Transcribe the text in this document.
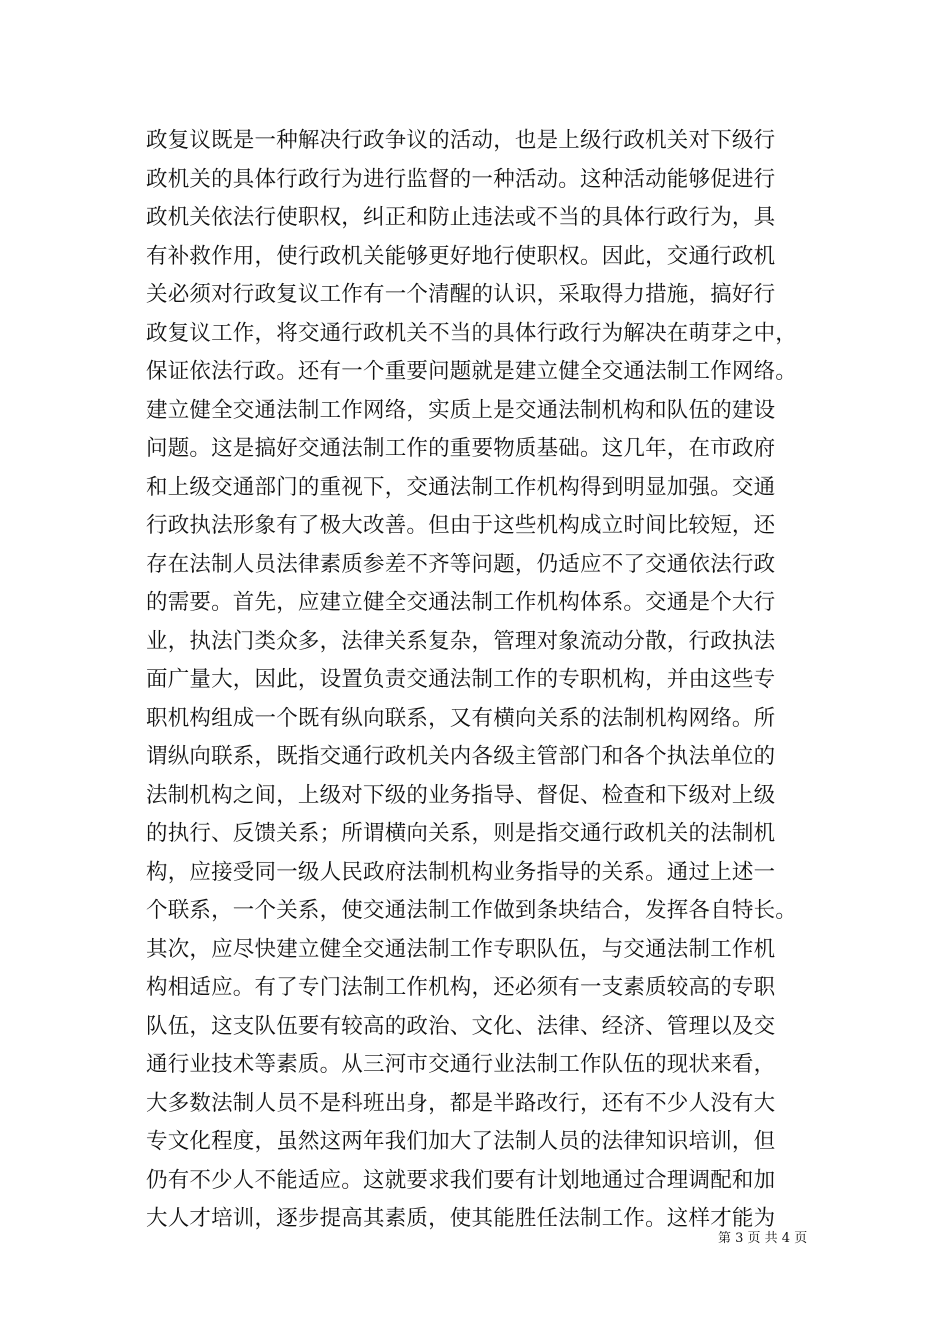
政复议既是一种解决行政争议的活动，也是上级行政机关对下级行
政机关的具体行政行为进行监督的一种活动。这种活动能够促进行
政机关依法行使职权，纠正和防止违法或不当的具体行政行为，具
有补救作用，使行政机关能够更好地行使职权。因此，交通行政机
关必须对行政复议工作有一个清醒的认识，采取得力措施，搞好行
政复议工作，将交通行政机关不当的具体行政行为解决在萌芽之中，
保证依法行政。还有一个重要问题就是建立健全交通法制工作网络。
建立健全交通法制工作网络，实质上是交通法制机构和队伍的建设
问题。这是搞好交通法制工作的重要物质基础。这几年，在市政府
和上级交通部门的重视下，交通法制工作机构得到明显加强。交通
行政执法形象有了极大改善。但由于这些机构成立时间比较短，还
存在法制人员法律素质参差不齐等问题，仍适应不了交通依法行政
的需要。首先，应建立健全交通法制工作机构体系。交通是个大行
业，执法门类众多，法律关系复杂，管理对象流动分散，行政执法
面广量大，因此，设置负责交通法制工作的专职机构，并由这些专
职机构组成一个既有纵向联系，又有横向关系的法制机构网络。所
谓纵向联系，既指交通行政机关内各级主管部门和各个执法单位的
法制机构之间，上级对下级的业务指导、督促、检查和下级对上级
的执行、反馈关系；所谓横向关系，则是指交通行政机关的法制机
构，应接受同一级人民政府法制机构业务指导的关系。通过上述一
个联系，一个关系，使交通法制工作做到条块结合，发挥各自特长。
其次，应尽快建立健全交通法制工作专职队伍，与交通法制工作机
构相适应。有了专门法制工作机构，还必须有一支素质较高的专职
队伍，这支队伍要有较高的政治、文化、法律、经济、管理以及交
通行业技术等素质。从三河市交通行业法制工作队伍的现状来看，
大多数法制人员不是科班出身，都是半路改行，还有不少人没有大
专文化程度，虽然这两年我们加大了法制人员的法律知识培训，但
仍有不少人不能适应。这就要求我们要有计划地通过合理调配和加
大人才培训，逐步提高其素质，使其能胜任法制工作。这样才能为
第 3 页 共 4 页
